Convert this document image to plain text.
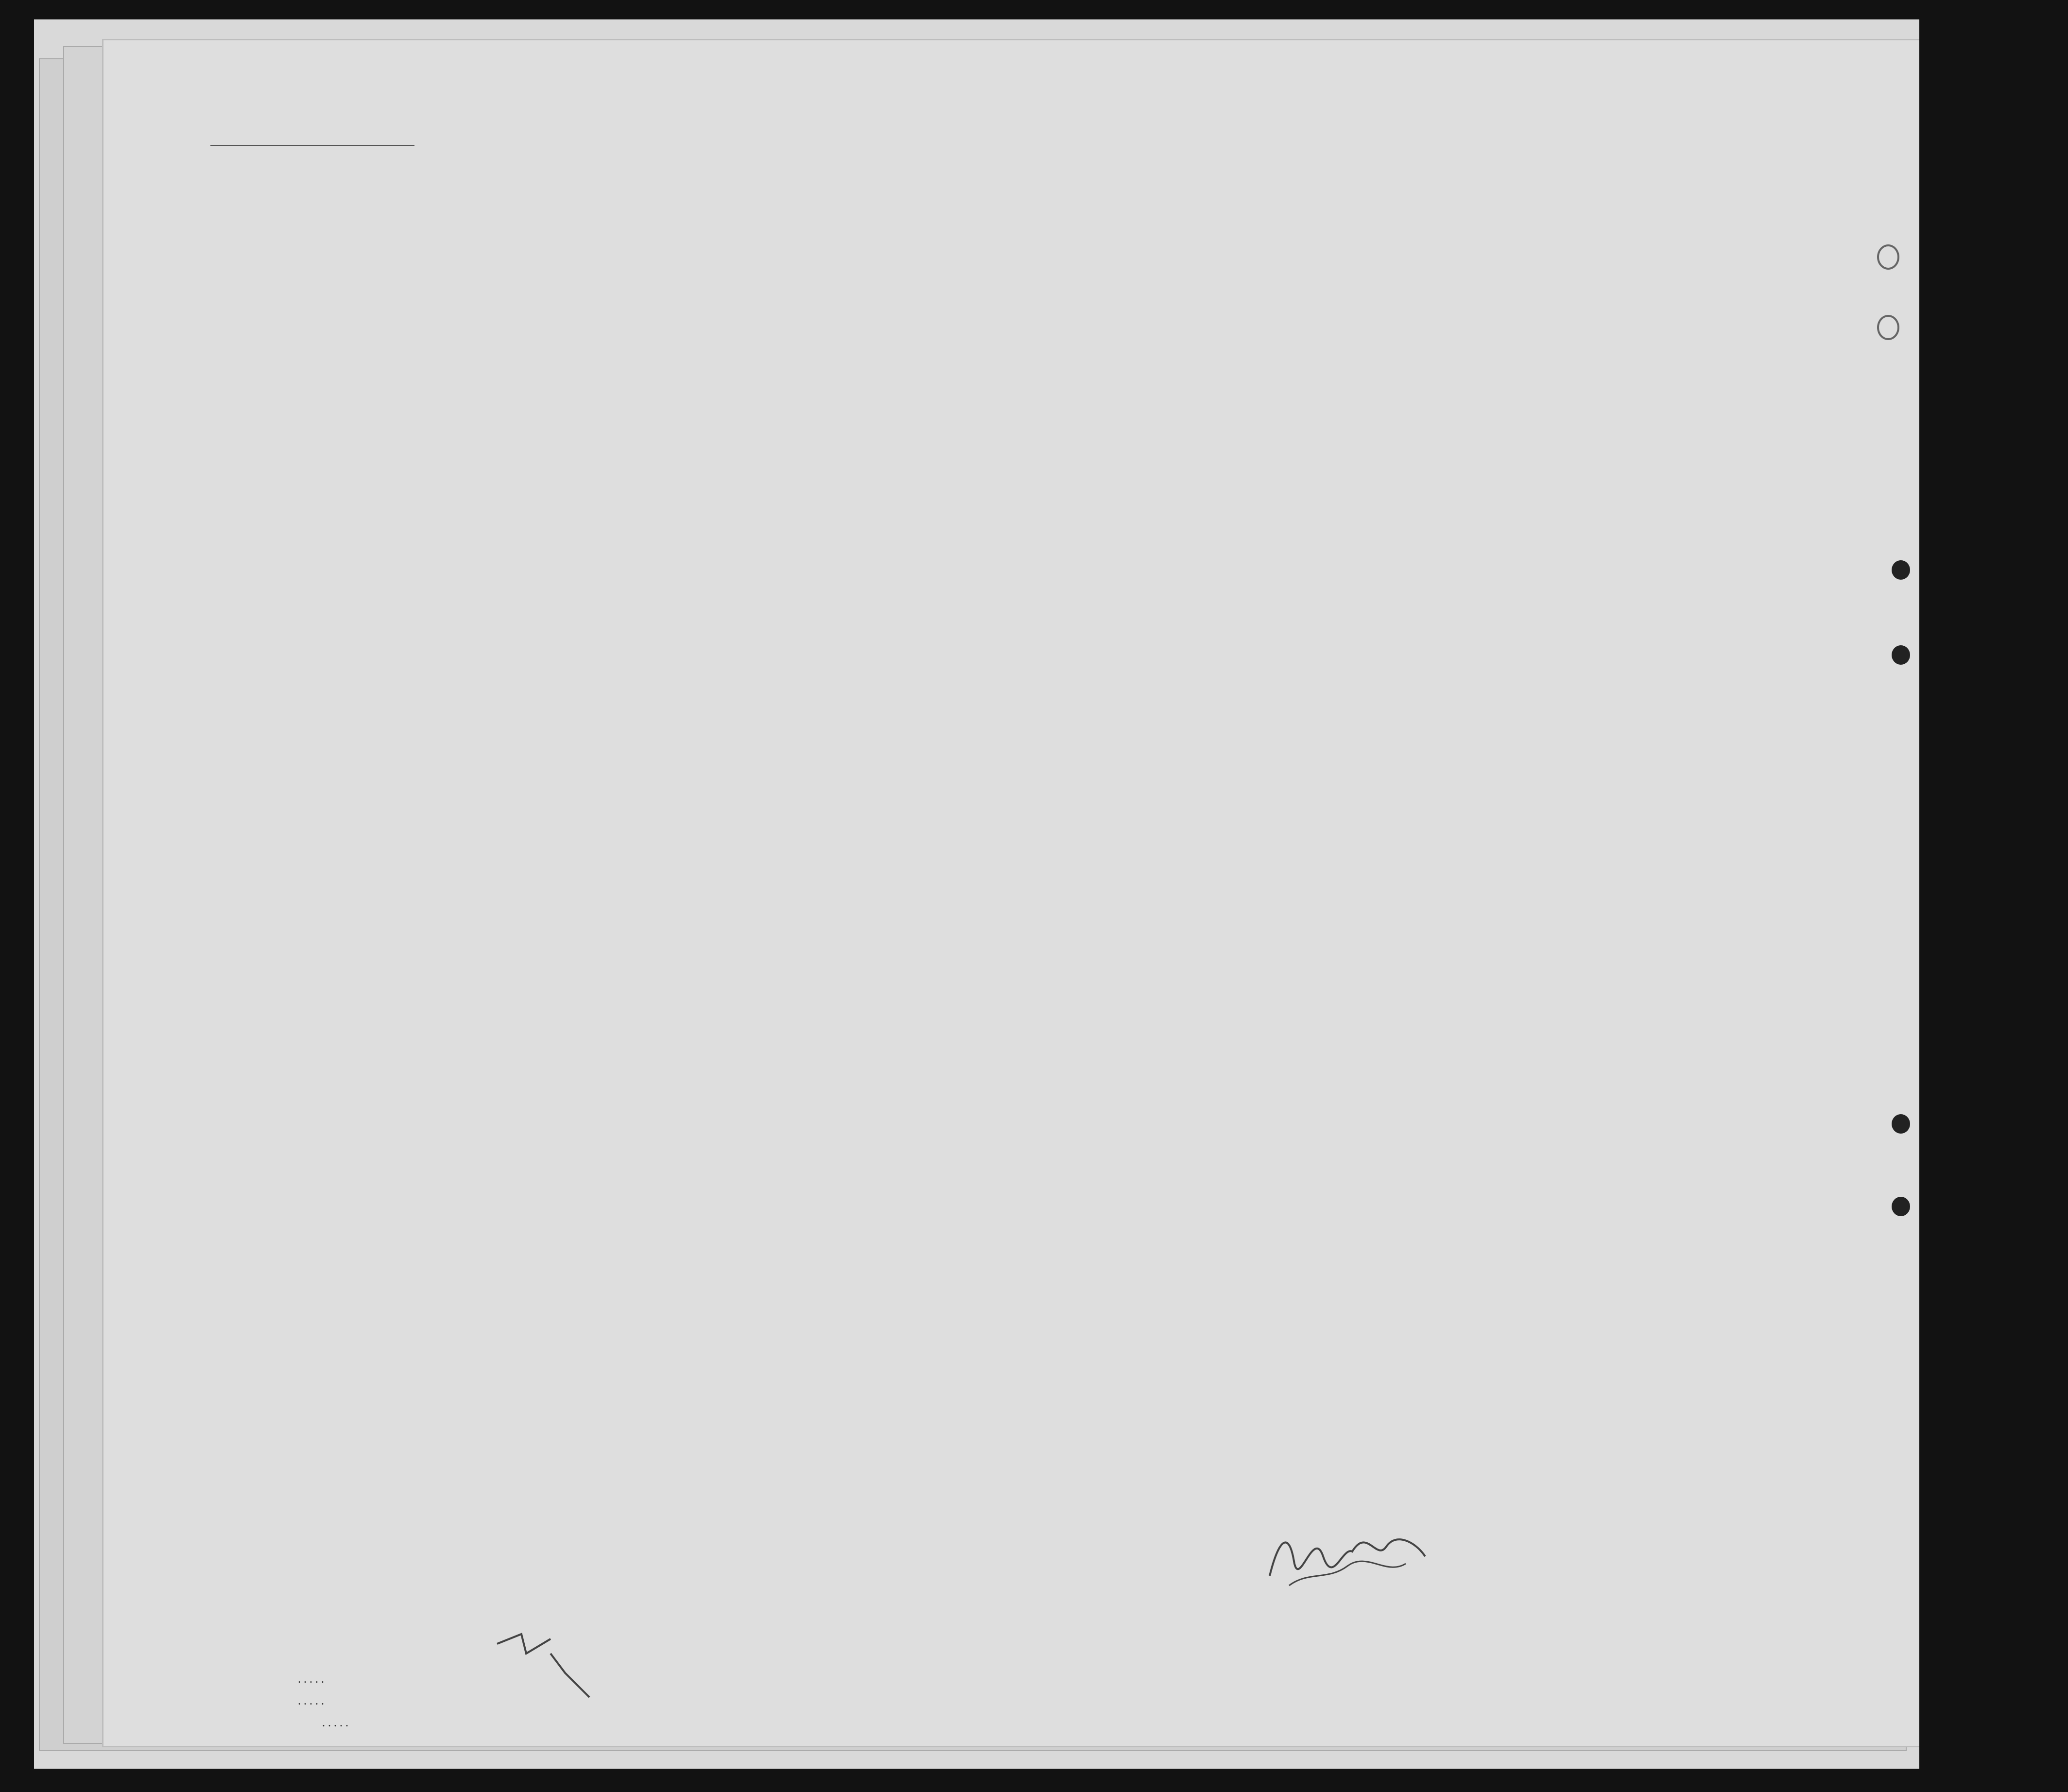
. . . . .
. . . . .
. . . . .
